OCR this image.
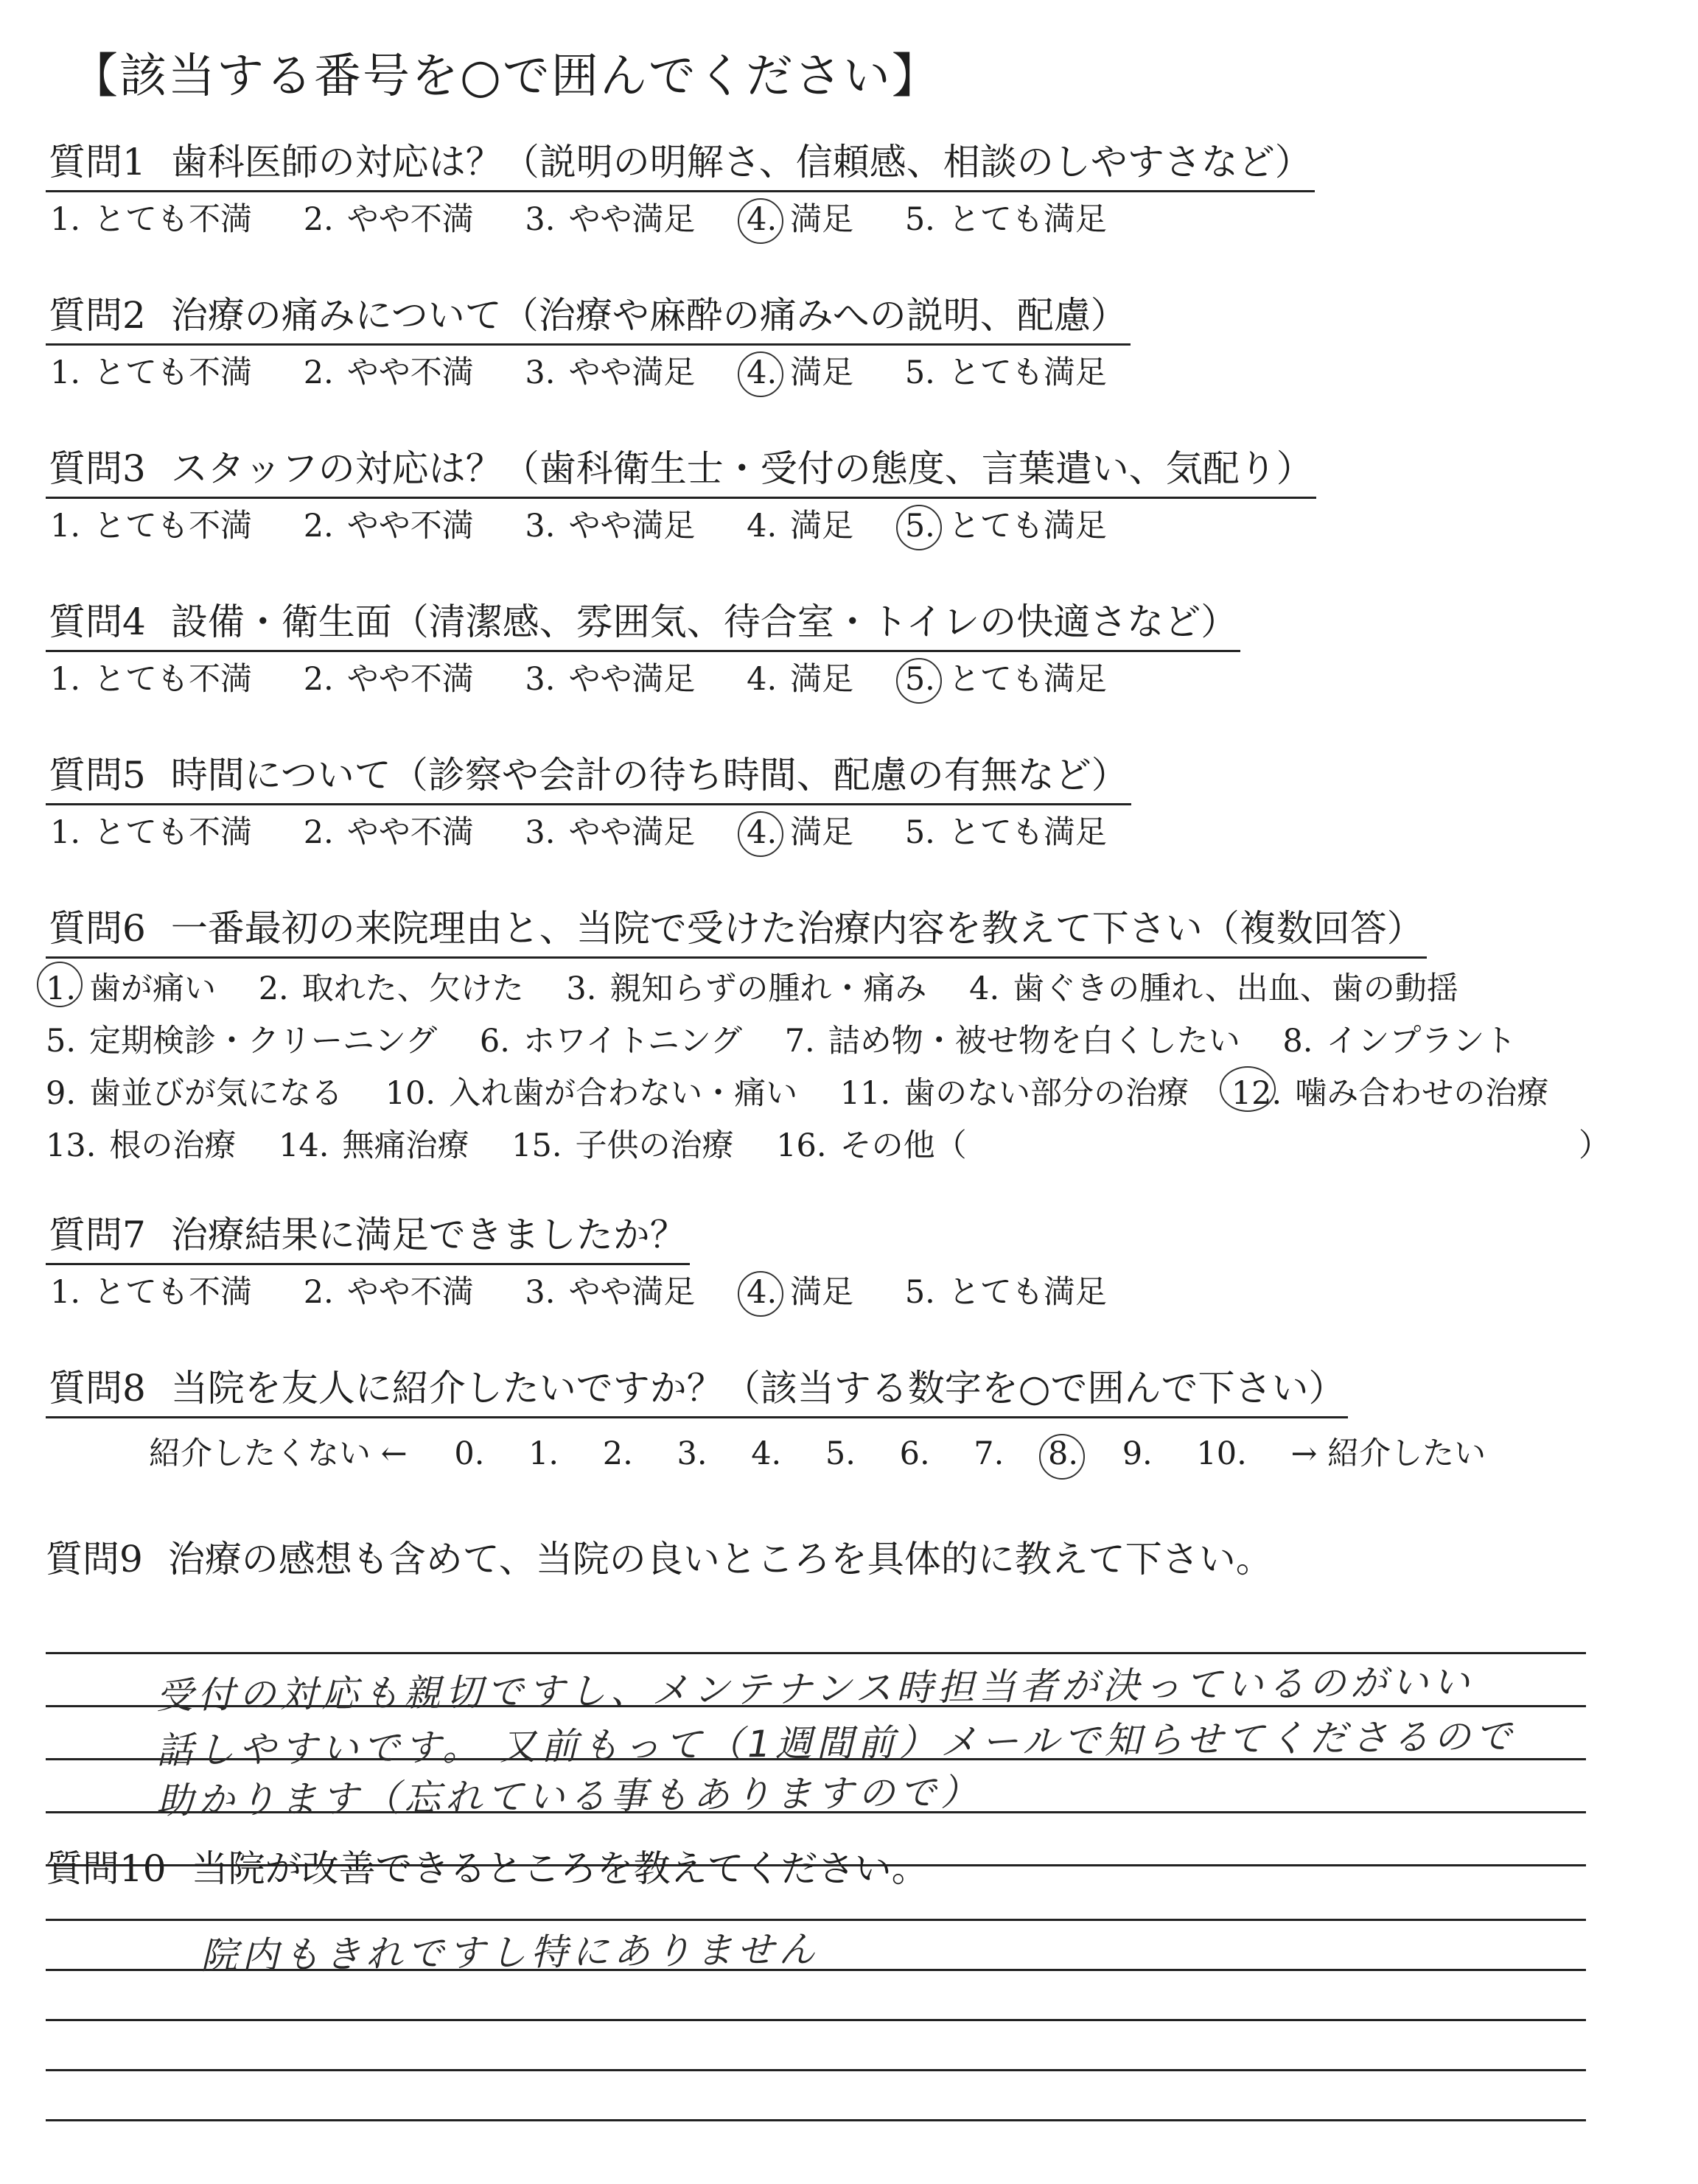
【該当する番号を○で囲んでください】
質問1 歯科医師の対応は？（説明の明解さ、信頼感、相談のしやすさなど）
1. とても不満 2. やや不満 3. やや満足 4. 満足 5. とても満足
質問2 治療の痛みについて（治療や麻酔の痛みへの説明、配慮）
1. とても不満 2. やや不満 3. やや満足 4. 満足 5. とても満足
質問3 スタッフの対応は？（歯科衛生士・受付の態度、言葉遣い、気配り）
1. とても不満 2. やや不満 3. やや満足 4. 満足 5. とても満足
質問4 設備・衛生面（清潔感、雰囲気、待合室・トイレの快適さなど）
1. とても不満 2. やや不満 3. やや満足 4. 満足 5. とても満足
質問5 時間について（診察や会計の待ち時間、配慮の有無など）
1. とても不満 2. やや不満 3. やや満足 4. 満足 5. とても満足
質問6 一番最初の来院理由と、当院で受けた治療内容を教えて下さい（複数回答）
1. 歯が痛い 2. 取れた、欠けた 3. 親知らずの腫れ・痛み 4. 歯ぐきの腫れ、出血、歯の動揺
5. 定期検診・クリーニング 6. ホワイトニング 7. 詰め物・被せ物を白くしたい 8. インプラント
9. 歯並びが気になる 10. 入れ歯が合わない・痛い 11. 歯のない部分の治療 12. 噛み合わせの治療
13. 根の治療 14. 無痛治療 15. 子供の治療 16. その他（	）
質問7 治療結果に満足できましたか？
1. とても不満 2. やや不満 3. やや満足 4. 満足 5. とても満足
質問8 当院を友人に紹介したいですか？（該当する数字を○で囲んで下さい）
紹介したくない ← 0. 1. 2. 3. 4. 5. 6. 7. 8. 9. 10. → 紹介したい
質問9 治療の感想も含めて、当院の良いところを具体的に教えて下さい。
受付の対応も親切ですし、メンテナンス時担当者が決っているのがいい
話しやすいです。 又前もって（1週間前）メールで知らせてくださるので
助かります（忘れている事もありますので）
質問10 当院が改善できるところを教えてください。
院内もきれですし特にありません
